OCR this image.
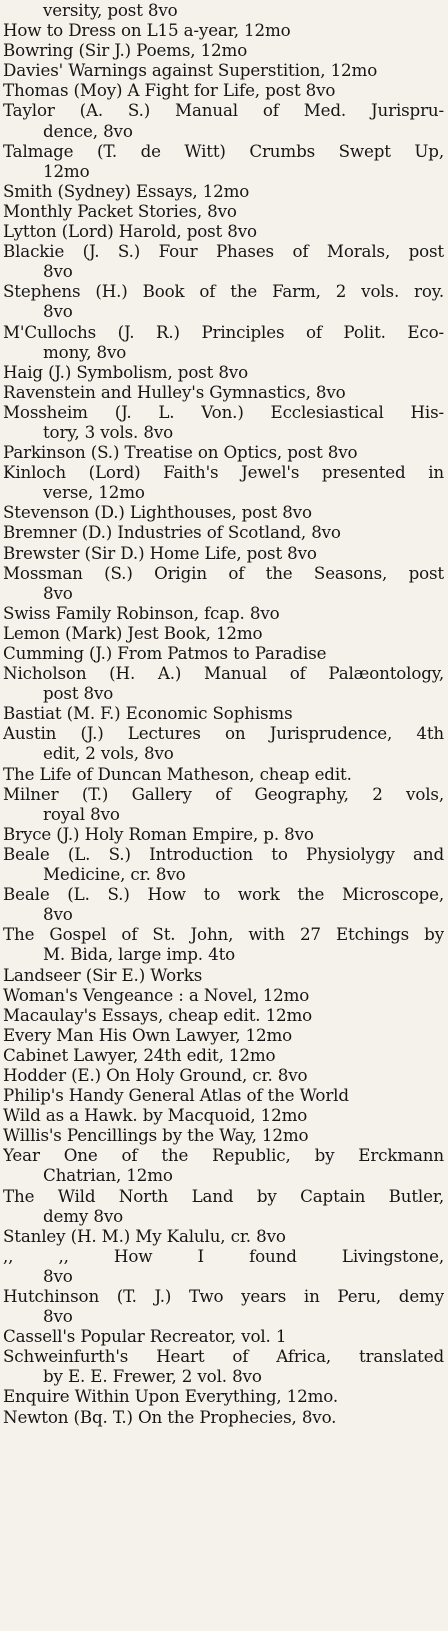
versity, post 8vo
How to Dress on L15 a-year, 12mo
Bowring (Sir J.) Poems, 12mo
Davies' Warnings against Superstition, 12mo
Thomas (Moy) A Fight for Life, post 8vo
Taylor (A. S.) Manual of Med. Jurispru-
dence, 8vo
Talmage (T. de Witt) Crumbs Swept Up,
12mo
Smith (Sydney) Essays, 12mo
Monthly Packet Stories, 8vo
Lytton (Lord) Harold, post 8vo
Blackie (J. S.) Four Phases of Morals, post
8vo
Stephens (H.) Book of the Farm, 2 vols. roy.
8vo
M'Cullochs (J. R.) Principles of Polit. Eco-
mony, 8vo
Haig (J.) Symbolism, post 8vo
Ravenstein and Hulley's Gymnastics, 8vo
Mossheim (J. L. Von.) Ecclesiastical His-
tory, 3 vols. 8vo
Parkinson (S.) Treatise on Optics, post 8vo
Kinloch (Lord) Faith's Jewel's presented in
verse, 12mo
Stevenson (D.) Lighthouses, post 8vo
Bremner (D.) Industries of Scotland, 8vo
Brewster (Sir D.) Home Life, post 8vo
Mossman (S.) Origin of the Seasons, post
8vo
Swiss Family Robinson, fcap. 8vo
Lemon (Mark) Jest Book, 12mo
Cumming (J.) From Patmos to Paradise
Nicholson (H. A.) Manual of Palæontology,
post 8vo
Bastiat (M. F.) Economic Sophisms
Austin (J.) Lectures on Jurisprudence, 4th
edit, 2 vols, 8vo
The Life of Duncan Matheson, cheap edit.
Milner (T.) Gallery of Geography, 2 vols,
royal 8vo
Bryce (J.) Holy Roman Empire, p. 8vo
Beale (L. S.) Introduction to Physiolygy and
Medicine, cr. 8vo
Beale (L. S.) How to work the Microscope,
8vo
The Gospel of St. John, with 27 Etchings by
M. Bida, large imp. 4to
Landseer (Sir E.) Works
Woman's Vengeance : a Novel, 12mo
Macaulay's Essays, cheap edit. 12mo
Every Man His Own Lawyer, 12mo
Cabinet Lawyer, 24th edit, 12mo
Hodder (E.) On Holy Ground, cr. 8vo
Philip's Handy General Atlas of the World
Wild as a Hawk. by Macquoid, 12mo
Willis's Pencillings by the Way, 12mo
Year One of the Republic, by Erckmann
Chatrian, 12mo
The Wild North Land by Captain Butler,
demy 8vo
Stanley (H. M.) My Kalulu, cr. 8vo
,, ,, How I found Livingstone,
8vo
Hutchinson (T. J.) Two years in Peru, demy
8vo
Cassell's Popular Recreator, vol. 1
Schweinfurth's Heart of Africa, translated
by E. E. Frewer, 2 vol. 8vo
Enquire Within Upon Everything, 12mo.
Newton (Bq. T.) On the Prophecies, 8vo.
